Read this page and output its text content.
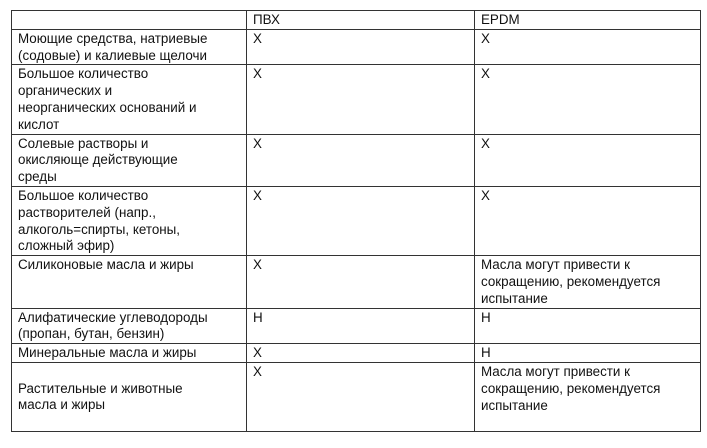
	ПВХ	EPDM
Моющие средства, натриевые
(содовые) и калиевые щелочи	Х	Х
Большое количество
органических и
неорганических оснований и
кислот	Х	Х
Солевые растворы и
окисляюще действующие
среды	Х	Х
Большое количество
растворителей (напр.,
алкоголь=спирты, кетоны,
сложный эфир)	Х	Х
Силиконовые масла и жиры	Х	Масла могут привести к
сокращению, рекомендуется
испытание
Алифатические углеводороды
(пропан, бутан, бензин)	Н	Н
Минеральные масла и жиры	Х	Н
Растительные и животные
масла и жиры	Х	Масла могут привести к
сокращению, рекомендуется
испытание
